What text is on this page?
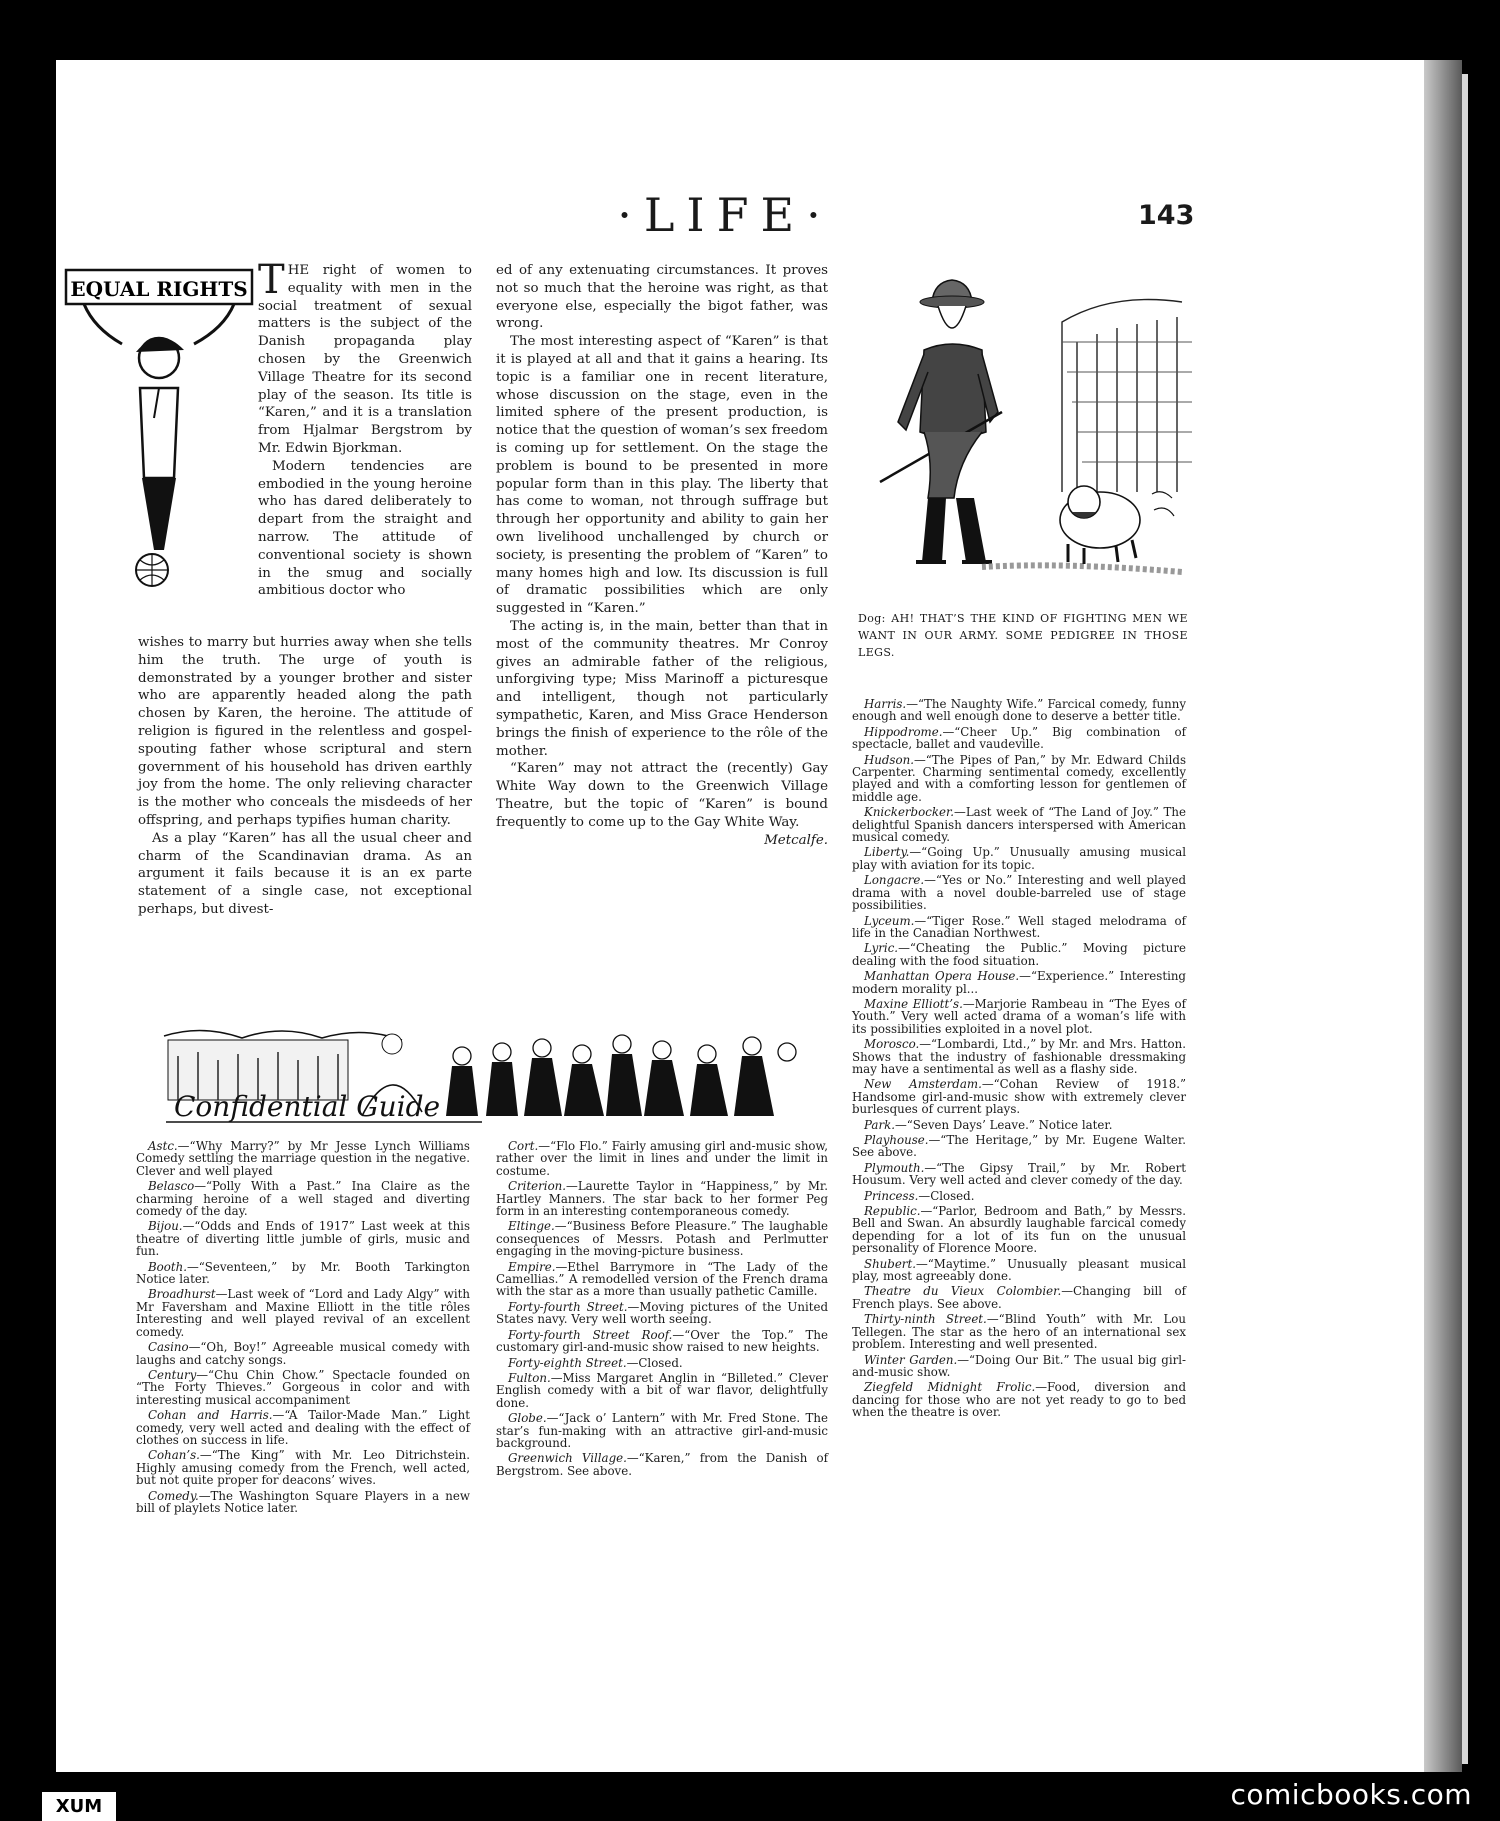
·LIFE·	143
EQUAL RIGHTS T HE right of women to equality with men in the social treatment of sexual matters is the subject of the Danish propaganda play chosen by the Greenwich Village Theatre for its second play of the season. Its title is “Karen,” and it is a translation from Hjalmar Bergstrom by Mr. Edwin Bjorkman.

Modern tendencies are embodied in the young heroine who has dared deliberately to depart from the straight and narrow. The attitude of conventional society is shown in the smug and socially ambitious doctor who

wishes to marry but hurries away when she tells him the truth. The urge of youth is demonstrated by a younger brother and sister who are apparently headed along the path chosen by Karen, the heroine. The attitude of religion is figured in the relentless and gospel-spouting father whose scriptural and stern government of his household has driven earthly joy from the home. The only relieving character is the mother who conceals the misdeeds of her offspring, and perhaps typifies human charity.

As a play “Karen” has all the usual cheer and charm of the Scandinavian drama. As an argument it fails because it is an ex parte statement of a single case, not exceptional perhaps, but divest-

ed of any extenuating circumstances. It proves not so much that the heroine was right, as that everyone else, especially the bigot father, was wrong.

The most interesting aspect of “Karen” is that it is played at all and that it gains a hearing. Its topic is a familiar one in recent literature, whose discussion on the stage, even in the limited sphere of the present production, is notice that the question of woman’s sex freedom is coming up for settlement. On the stage the problem is bound to be presented in more popular form than in this play. The liberty that has come to woman, not through suffrage but through her opportunity and ability to gain her own livelihood unchallenged by church or society, is presenting the problem of “Karen” to many homes high and low. Its discussion is full of dramatic possibilities which are only suggested in “Karen.”

The acting is, in the main, better than that in most of the community theatres. Mr Conroy gives an admirable father of the religious, unforgiving type; Miss Marinoff a picturesque and intelligent, though not particularly sympathetic, Karen, and Miss Grace Henderson brings the finish of experience to the rôle of the mother.

“Karen” may not attract the (recently) Gay White Way down to the Greenwich Village Theatre, but the topic of “Karen” is bound frequently to come up to the Gay White Way.
Metcalfe.

Dog: AH! THAT’S THE KIND OF FIGHTING MEN WE WANT IN OUR ARMY. SOME PEDIGREE IN THOSE LEGS.
Confidential Guide

Astc.—“Why Marry?” by Mr Jesse Lynch Williams Comedy settling the marriage question in the negative. Clever and well played

Belasco—“Polly With a Past.” Ina Claire as the charming heroine of a well staged and diverting comedy of the day.

Bijou.—“Odds and Ends of 1917” Last week at this theatre of diverting little jumble of girls, music and fun.

Booth.—“Seventeen,” by Mr. Booth Tarkington Notice later.

Broadhurst—Last week of “Lord and Lady Algy” with Mr Faversham and Maxine Elliott in the title rôles Interesting and well played revival of an excellent comedy.

Casino—“Oh, Boy!” Agreeable musical comedy with laughs and catchy songs.

Century—“Chu Chin Chow.” Spectacle founded on “The Forty Thieves.” Gorgeous in color and with interesting musical accompaniment

Cohan and Harris.—“A Tailor-Made Man.” Light comedy, very well acted and dealing with the effect of clothes on success in life.

Cohan’s.—“The King” with Mr. Leo Ditrichstein. Highly amusing comedy from the French, well acted, but not quite proper for deacons’ wives.

Comedy.—The Washington Square Players in a new bill of playlets Notice later.

Cort.—“Flo Flo.” Fairly amusing girl and-music show, rather over the limit in lines and under the limit in costume.

Criterion.—Laurette Taylor in “Happiness,” by Mr. Hartley Manners. The star back to her former Peg form in an interesting contemporaneous comedy.

Eltinge.—“Business Before Pleasure.” The laughable consequences of Messrs. Potash and Perlmutter engaging in the moving-picture business.

Empire.—Ethel Barrymore in “The Lady of the Camellias.” A remodelled version of the French drama with the star as a more than usually pathetic Camille.

Forty-fourth Street.—Moving pictures of the United States navy. Very well worth seeing.

Forty-fourth Street Roof.—“Over the Top.” The customary girl-and-music show raised to new heights.

Forty-eighth Street.—Closed.

Fulton.—Miss Margaret Anglin in “Billeted.” Clever English comedy with a bit of war flavor, delightfully done.

Globe.—“Jack o’ Lantern” with Mr. Fred Stone. The star’s fun-making with an attractive girl-and-music background.

Greenwich Village.—“Karen,” from the Danish of Bergstrom. See above.

Harris.—“The Naughty Wife.” Farcical comedy, funny enough and well enough done to deserve a better title.

Hippodrome.—“Cheer Up.” Big combination of spectacle, ballet and vaudeville.

Hudson.—“The Pipes of Pan,” by Mr. Edward Childs Carpenter. Charming sentimental comedy, excellently played and with a comforting lesson for gentlemen of middle age.

Knickerbocker.—Last week of “The Land of Joy.” The delightful Spanish dancers interspersed with American musical comedy.

Liberty.—“Going Up.” Unusually amusing musical play with aviation for its topic.

Longacre.—“Yes or No.” Interesting and well played drama with a novel double-barreled use of stage possibilities.

Lyceum.—“Tiger Rose.” Well staged melodrama of life in the Canadian Northwest.

Lyric.—“Cheating the Public.” Moving picture dealing with the food situation.

Manhattan Opera House.—“Experience.” Interesting modern morality pl...

Maxine Elliott’s.—Marjorie Rambeau in “The Eyes of Youth.” Very well acted drama of a woman’s life with its possibilities exploited in a novel plot.

Morosco.—“Lombardi, Ltd.,” by Mr. and Mrs. Hatton. Shows that the industry of fashionable dressmaking may have a sentimental as well as a flashy side.

New Amsterdam.—“Cohan Review of 1918.” Handsome girl-and-music show with extremely clever burlesques of current plays.

Park.—“Seven Days’ Leave.” Notice later.

Playhouse.—“The Heritage,” by Mr. Eugene Walter. See above.

Plymouth.—“The Gipsy Trail,” by Mr. Robert Housum. Very well acted and clever comedy of the day.

Princess.—Closed.

Republic.—“Parlor, Bedroom and Bath,” by Messrs. Bell and Swan. An absurdly laughable farcical comedy depending for a lot of its fun on the unusual personality of Florence Moore.

Shubert.—“Maytime.” Unusually pleasant musical play, most agreeably done.

Theatre du Vieux Colombier.—Changing bill of French plays. See above.

Thirty-ninth Street.—“Blind Youth” with Mr. Lou Tellegen. The star as the hero of an international sex problem. Interesting and well presented.

Winter Garden.—“Doing Our Bit.” The usual big girl-and-music show.

Ziegfeld Midnight Frolic.—Food, diversion and dancing for those who are not yet ready to go to bed when the theatre is over.

XUM	comicbooks.com
